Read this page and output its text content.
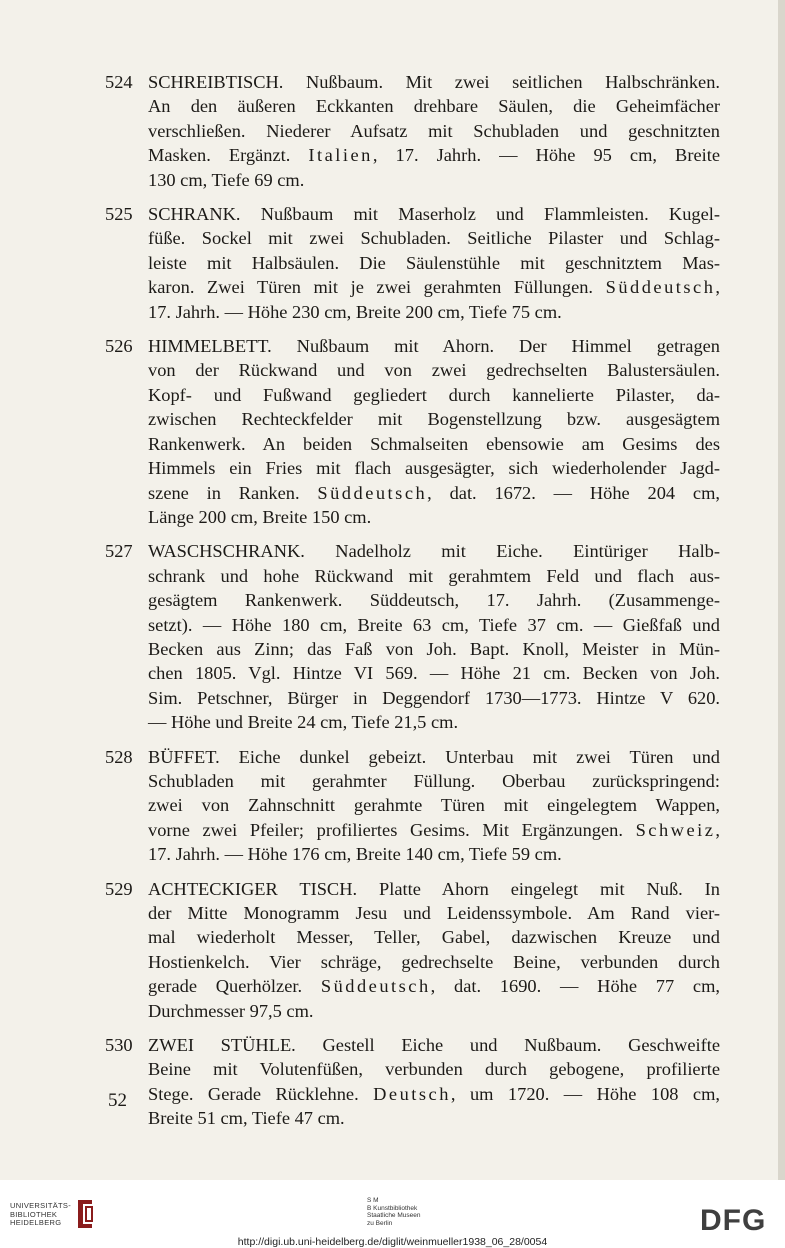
524 SCHREIBTISCH. Nußbaum. Mit zwei seitlichen Halbschränken.
An den äußeren Eckkanten drehbare Säulen, die Geheimfächer
verschließen. Niederer Aufsatz mit Schubladen und geschnitzten
Masken. Ergänzt. Italien, 17. Jahrh. — Höhe 95 cm, Breite
130 cm, Tiefe 69 cm.
525 SCHRANK. Nußbaum mit Maserholz und Flammleisten. Kugel-
füße. Sockel mit zwei Schubladen. Seitliche Pilaster und Schlag-
leiste mit Halbsäulen. Die Säulenstühle mit geschnitztem Mas-
karon. Zwei Türen mit je zwei gerahmten Füllungen. Süddeutsch,
17. Jahrh. — Höhe 230 cm, Breite 200 cm, Tiefe 75 cm.
526 HIMMELBETT. Nußbaum mit Ahorn. Der Himmel getragen
von der Rückwand und von zwei gedrechselten Balustersäulen.
Kopf- und Fußwand gegliedert durch kannelierte Pilaster, da-
zwischen Rechteckfelder mit Bogenstellzung bzw. ausgesägtem
Rankenwerk. An beiden Schmalseiten ebensowie am Gesims des
Himmels ein Fries mit flach ausgesägter, sich wiederholender Jagd-
szene in Ranken. Süddeutsch, dat. 1672. — Höhe 204 cm,
Länge 200 cm, Breite 150 cm.
527 WASCHSCHRANK. Nadelholz mit Eiche. Eintüriger Halb-
schrank und hohe Rückwand mit gerahmtem Feld und flach aus-
gesägtem Rankenwerk. Süddeutsch, 17. Jahrh. (Zusammenge-
setzt). — Höhe 180 cm, Breite 63 cm, Tiefe 37 cm. — Gießfaß und
Becken aus Zinn; das Faß von Joh. Bapt. Knoll, Meister in Mün-
chen 1805. Vgl. Hintze VI 569. — Höhe 21 cm. Becken von Joh.
Sim. Petschner, Bürger in Deggendorf 1730—1773. Hintze V 620.
— Höhe und Breite 24 cm, Tiefe 21,5 cm.
528 BÜFFET. Eiche dunkel gebeizt. Unterbau mit zwei Türen und
Schubladen mit gerahmter Füllung. Oberbau zurückspringend:
zwei von Zahnschnitt gerahmte Türen mit eingelegtem Wappen,
vorne zwei Pfeiler; profiliertes Gesims. Mit Ergänzungen. Schweiz,
17. Jahrh. — Höhe 176 cm, Breite 140 cm, Tiefe 59 cm.
529 ACHTECKIGER TISCH. Platte Ahorn eingelegt mit Nuß. In
der Mitte Monogramm Jesu und Leidenssymbole. Am Rand vier-
mal wiederholt Messer, Teller, Gabel, dazwischen Kreuze und
Hostienkelch. Vier schräge, gedrechselte Beine, verbunden durch
gerade Querhölzer. Süddeutsch, dat. 1690. — Höhe 77 cm,
Durchmesser 97,5 cm.
530 ZWEI STÜHLE. Gestell Eiche und Nußbaum. Geschweifte
Beine mit Volutenfüßen, verbunden durch gebogene, profilierte
Stege. Gerade Rücklehne. Deutsch, um 1720. — Höhe 108 cm,
Breite 51 cm, Tiefe 47 cm.
52
UNIVERSITÄTS-
BIBLIOTHEK
HEIDELBERG
S M
B Kunstbibliothek
Staatliche Museen
zu Berlin	DFG
http://digi.ub.uni-heidelberg.de/diglit/weinmueller1938_06_28/0054
